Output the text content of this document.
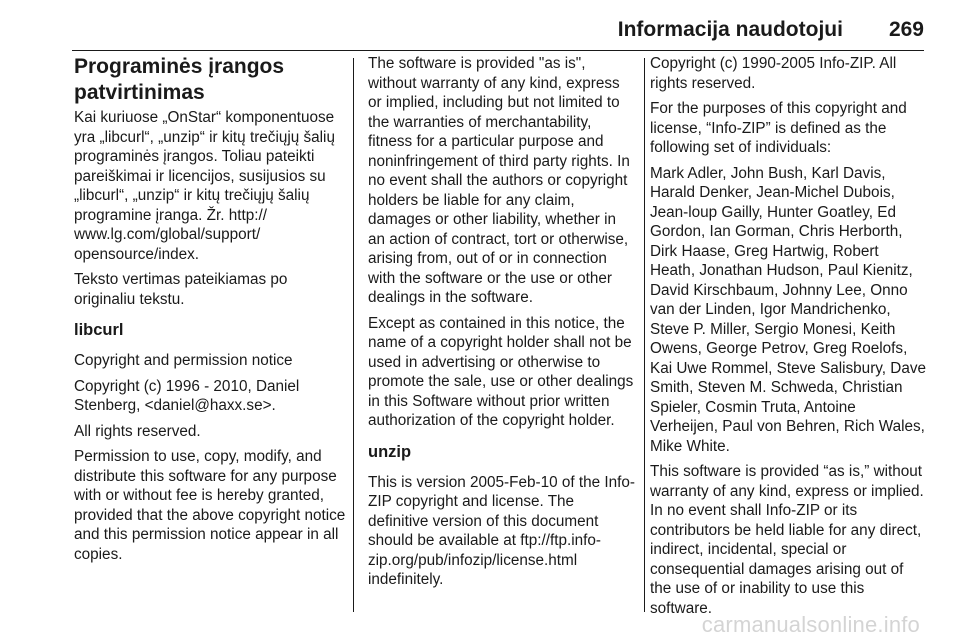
Informacija naudotojui 269
Programinės įrangos patvirtinimas

Kai kuriuose „OnStar“ komponentuose yra „libcurl“, „unzip“ ir kitų trečiųjų šalių programinės įrangos. Toliau pateikti pareiškimai ir licencijos, susijusios su „libcurl“, „unzip“ ir kitų trečiųjų šalių programine įranga. Žr. http:// www.lg.com/global/support/ opensource/index.

Teksto vertimas pateikiamas po originaliu tekstu.

libcurl

Copyright and permission notice

Copyright (c) 1996 - 2010, Daniel Stenberg, <daniel@haxx.se>.

All rights reserved.

Permission to use, copy, modify, and distribute this software for any purpose with or without fee is hereby granted, provided that the above copyright notice and this permission notice appear in all copies.

The software is provided "as is", without warranty of any kind, express or implied, including but not limited to the warranties of merchantability, fitness for a particular purpose and noninfringement of third party rights. In no event shall the authors or copyright holders be liable for any claim, damages or other liability, whether in an action of contract, tort or otherwise, arising from, out of or in connection with the software or the use or other dealings in the software.

Except as contained in this notice, the name of a copyright holder shall not be used in advertising or otherwise to promote the sale, use or other dealings in this Software without prior written authorization of the copyright holder.

unzip

This is version 2005-Feb-10 of the Info-ZIP copyright and license. The definitive version of this document should be available at ftp://ftp.info- zip.org/pub/infozip/license.html indefinitely.

Copyright (c) 1990-2005 Info-ZIP. All rights reserved.

For the purposes of this copyright and license, “Info-ZIP” is defined as the following set of individuals:

Mark Adler, John Bush, Karl Davis, Harald Denker, Jean-Michel Dubois, Jean-loup Gailly, Hunter Goatley, Ed Gordon, Ian Gorman, Chris Herborth, Dirk Haase, Greg Hartwig, Robert Heath, Jonathan Hudson, Paul Kienitz, David Kirschbaum, Johnny Lee, Onno van der Linden, Igor Mandrichenko, Steve P. Miller, Sergio Monesi, Keith Owens, George Petrov, Greg Roelofs, Kai Uwe Rommel, Steve Salisbury, Dave Smith, Steven M. Schweda, Christian Spieler, Cosmin Truta, Antoine Verheijen, Paul von Behren, Rich Wales, Mike White.

This software is provided “as is,” without warranty of any kind, express or implied. In no event shall Info-ZIP or its contributors be held liable for any direct, indirect, incidental, special or consequential damages arising out of the use of or inability to use this software.

carmanualsonline.info
